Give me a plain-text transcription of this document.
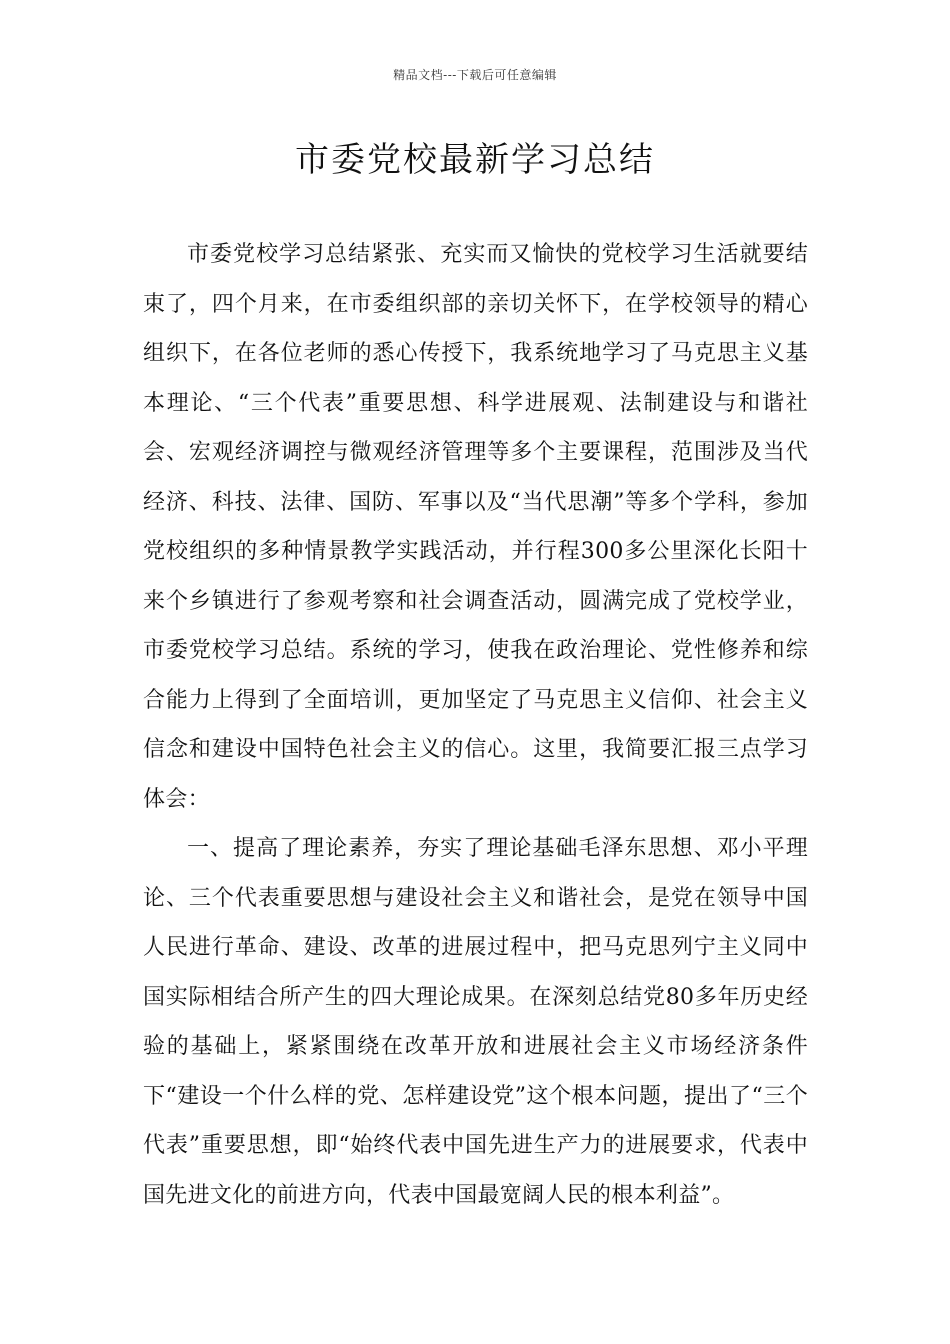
精品文档---下载后可任意编辑
市委党校最新学习总结

市委党校学习总结紧张、充实而又愉快的党校学习生活就要结束了，四个月来，在市委组织部的亲切关怀下，在学校领导的精心组织下，在各位老师的悉心传授下，我系统地学习了马克思主义基本理论、“三个代表”重要思想、科学进展观、法制建设与和谐社会、宏观经济调控与微观经济管理等多个主要课程，范围涉及当代经济、科技、法律、国防、军事以及“当代思潮”等多个学科，参加党校组织的多种情景教学实践活动，并行程300多公里深化长阳十来个乡镇进行了参观考察和社会调查活动，圆满完成了党校学业，市委党校学习总结。系统的学习，使我在政治理论、党性修养和综合能力上得到了全面培训，更加坚定了马克思主义信仰、社会主义信念和建设中国特色社会主义的信心。这里，我简要汇报三点学习体会：

一、提高了理论素养，夯实了理论基础毛泽东思想、邓小平理论、三个代表重要思想与建设社会主义和谐社会，是党在领导中国人民进行革命、建设、改革的进展过程中，把马克思列宁主义同中国实际相结合所产生的四大理论成果。在深刻总结党80多年历史经验的基础上，紧紧围绕在改革开放和进展社会主义市场经济条件下“建设一个什么样的党、怎样建设党”这个根本问题，提出了“三个代表”重要思想，即“始终代表中国先进生产力的进展要求，代表中国先进文化的前进方向，代表中国最宽阔人民的根本利益”。
